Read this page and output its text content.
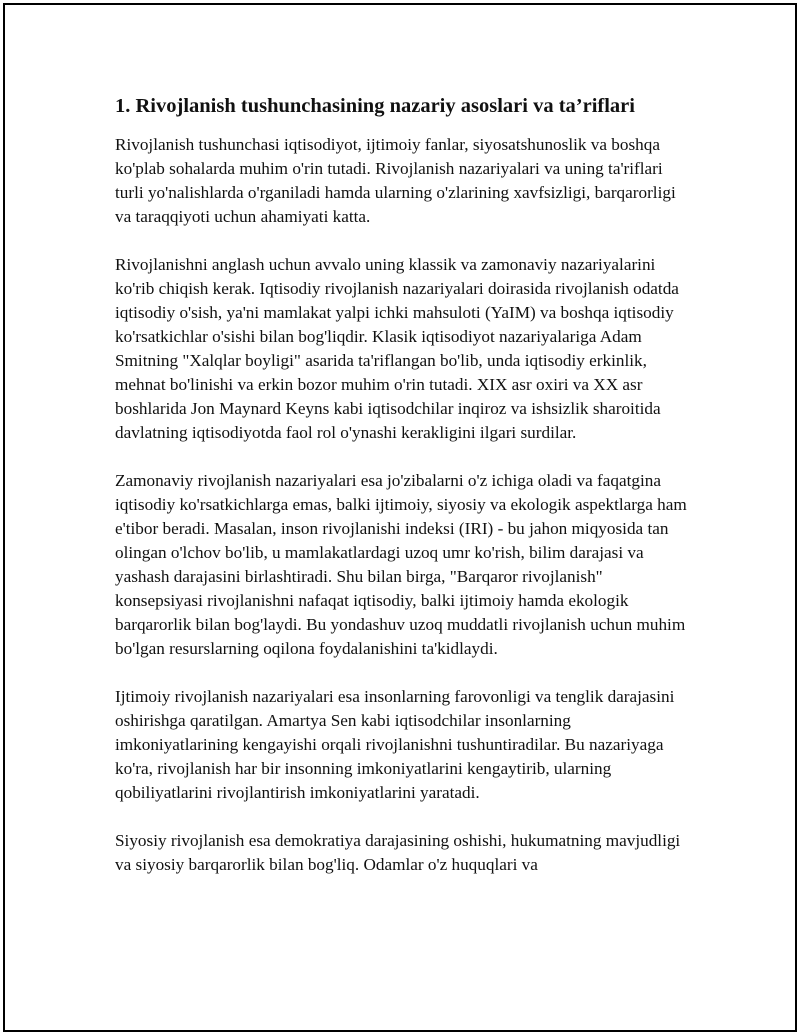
1. Rivojlanish tushunchasining nazariy asoslari va ta’riflari

Rivojlanish tushunchasi iqtisodiyot, ijtimoiy fanlar, siyosatshunoslik va boshqa ko'plab sohalarda muhim o'rin tutadi. Rivojlanish nazariyalari va uning ta'riflari turli yo'nalishlarda o'rganiladi hamda ularning o'zlarining xavfsizligi, barqarorligi va taraqqiyoti uchun ahamiyati katta.

Rivojlanishni anglash uchun avvalo uning klassik va zamonaviy nazariyalarini ko'rib chiqish kerak. Iqtisodiy rivojlanish nazariyalari doirasida rivojlanish odatda iqtisodiy o'sish, ya'ni mamlakat yalpi ichki mahsuloti (YaIM) va boshqa iqtisodiy ko'rsatkichlar o'sishi bilan bog'liqdir. Klasik iqtisodiyot nazariyalariga Adam Smitning "Xalqlar boyligi" asarida ta'riflangan bo'lib, unda iqtisodiy erkinlik, mehnat bo'linishi va erkin bozor muhim o'rin tutadi. XIX asr oxiri va XX asr boshlarida Jon Maynard Keyns kabi iqtisodchilar inqiroz va ishsizlik sharoitida davlatning iqtisodiyotda faol rol o'ynashi kerakligini ilgari surdilar.

Zamonaviy rivojlanish nazariyalari esa jo'zibalarni o'z ichiga oladi va faqatgina iqtisodiy ko'rsatkichlarga emas, balki ijtimoiy, siyosiy va ekologik aspektlarga ham e'tibor beradi. Masalan, inson rivojlanishi indeksi (IRI) - bu jahon miqyosida tan olingan o'lchov bo'lib, u mamlakatlardagi uzoq umr ko'rish, bilim darajasi va yashash darajasini birlashtiradi. Shu bilan birga, "Barqaror rivojlanish" konsepsiyasi rivojlanishni nafaqat iqtisodiy, balki ijtimoiy hamda ekologik barqarorlik bilan bog'laydi. Bu yondashuv uzoq muddatli rivojlanish uchun muhim bo'lgan resurslarning oqilona foydalanishini ta'kidlaydi.

Ijtimoiy rivojlanish nazariyalari esa insonlarning farovonligi va tenglik darajasini oshirishga qaratilgan. Amartya Sen kabi iqtisodchilar insonlarning imkoniyatlarining kengayishi orqali rivojlanishni tushuntiradilar. Bu nazariyaga ko'ra, rivojlanish har bir insonning imkoniyatlarini kengaytirib, ularning qobiliyatlarini rivojlantirish imkoniyatlarini yaratadi.

Siyosiy rivojlanish esa demokratiya darajasining oshishi, hukumatning mavjudligi va siyosiy barqarorlik bilan bog'liq. Odamlar o'z huquqlari va
